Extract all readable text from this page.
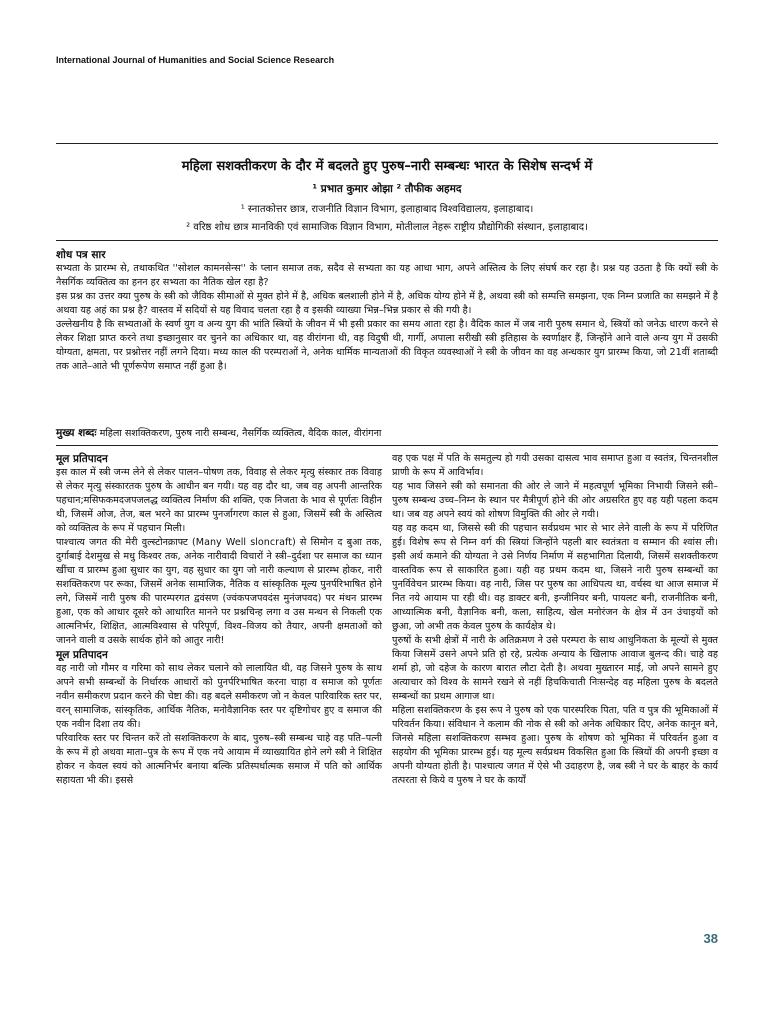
International Journal of Humanities and Social Science Research
महिला सशक्तीकरण के दौर में बदलते हुए पुरुष–नारी सम्बन्धः भारत के सिशेष सन्दर्भ में
¹ प्रभात कुमार ओझा ² तौफीक अहमद
¹ स्नातकोत्तर छात्र, राजनीति विज्ञान विभाग, इलाहाबाद विश्वविद्यालय, इलाहाबाद।
² वरिष्ठ शोध छात्र मानविकी एवं सामाजिक विज्ञान विभाग, मोतीलाल नेहरू राष्ट्रीय प्रौद्योगिकी संस्थान, इलाहाबाद।
शोध पत्र सार

सभ्यता के प्रारम्भ से, तथाकथित ''सोशल कामनसेन्स'' के प्लान समाज तक, सदैव से सभ्यता का यह आधा भाग, अपने अस्तित्व के लिए संघर्ष कर रहा है। प्रश्न यह उठता है कि क्यों स्त्री के नैसर्गिक व्यक्तित्व का हनन हर सभ्यता का नैतिक खेल रहा है?

इस प्रश्न का उत्तर क्या पुरुष के स्त्री को जैविक सीमाओं से मुक्त होने में है, अधिक बलशाली होने में है, अधिक योग्य होने में है, अथवा स्त्री को सम्पत्ति समझना, एक निम्न प्रजाति का समझने में है अथवा यह अहं का प्रश्न है? वास्तव में सदियों से यह विवाद चलता रहा है व इसकी व्याख्या भिन्न–भिन्न प्रकार से की गयी है।

उल्लेखनीय है कि सभ्यताओं के स्वर्ण युग व अन्य युग की भांति स्त्रियों के जीवन में भी इसी प्रकार का समय आता रहा है। वैदिक काल में जब नारी पुरुष समान थे, स्त्रियों को जनेऊ धारण करने से लेकर शिक्षा प्राप्त करने तथा इच्छानुसार वर चुनने का अधिकार था, वह वीरांगना थी, वह विदुषी थी, गार्गी, अपाला सरीखी स्त्री इतिहास के स्वर्णाक्षर हैं, जिन्होंने आने वाले अन्य युग में उसकी योग्यता, क्षमता, पर प्रश्नोत्तर नहीं लगने दिया। मध्य काल की परम्पराओं ने, अनेक धार्मिक मान्यताओं की विकृत व्यवस्थाओं ने स्त्री के जीवन का वह अन्धकार युग प्रारम्भ किया, जो 21वीं शताब्दी तक आते–आते भी पूर्णरूपेण समाप्त नहीं हुआ है।

मुख्य शब्दः महिला सशक्तिकरण, पुरुष नारी सम्बन्ध, नैसर्गिक व्यक्तित्व, वैदिक काल, वीरांगना
मूल प्रतिपादन

इस काल में स्त्री जन्म लेने से लेकर पालन–पोषण तक, विवाह से लेकर मृत्यु संस्कार तक विवाह से लेकर मृत्यु संस्कारतक पुरुष के आधीन बन गयी। यह वह दौर था, जब वह अपनी आन्तरिक पहचान;मसिफकमदजपजलद्ध व्यक्तित्व निर्माण की शक्ति, एक निजता के भाव से पूर्णतः विहीन थी, जिसमें ओज, तेज, बल भरने का प्रारम्भ पुनर्जागरण काल से हुआ, जिसमें स्त्री के अस्तित्व को व्यक्तित्व के रूप में पहचान मिली।

पाश्चात्य जगत की मेरी वुल्स्टोनक्राफ्ट (Many Well sloncraft) से सिमोन द बुआ तक, दुर्गाबाई देशमुख से मधु किश्वर तक, अनेक नारीवादी विचारों ने स्त्री–दुर्दशा पर समाज का ध्यान खींचा व प्रारम्भ हुआ सुधार का युग, वह सुधार का युग जो नारी कल्याण से प्रारम्भ होकर, नारी सशक्तिकरण पर रूका, जिसमें अनेक सामाजिक, नैतिक व सांस्कृतिक मूल्य पुनर्परिभाषित होने लगे, जिसमें नारी पुरुष की पारम्परगत द्ववंसण (ज्वंकपजपवदंस मुनंजपवद) पर मंथन प्रारम्भ हुआ, एक को आधार दूसरे को आधारित मानने पर प्रश्नचिन्ह लगा व उस मन्थन से निकली एक आत्मनिर्भर, शिक्षित, आत्मविश्वास से परिपूर्ण, विश्व–विजय को तैयार, अपनी क्षमताओं को जानने वाली व उसके सार्थक होने को आतुर नारी!

मूल प्रतिपादन

वह नारी जो गौमर व गरिमा को साथ लेकर चलाने को लालायित थी, वह जिसने पुरुष के साथ अपने सभी सम्बन्धों के निर्धारक आधारों को पुनर्परिभाषित करना चाहा व समाज को पूर्णतः नवीन समीकरण प्रदान करने की चेष्टा की। वह बदले समीकरण जो न केवल पारिवारिक स्तर पर, वरन् सामाजिक, सांस्कृतिक, आर्थिक नैतिक, मनोवैज्ञानिक स्तर पर दृष्टिगोचर हुए व समाज की एक नवीन दिशा तय की।

परिवारिक स्तर पर चिन्तन करें तो सशक्तिकरण के बाद, पुरुष–स्त्री सम्बन्ध चाहे वह पति–पत्नी के रूप में हो अथवा माता–पुत्र के रूप में एक नये आयाम में व्याख्यायित होने लगे स्त्री ने शिक्षित होकर न केवल स्वयं को आत्मनिर्भर बनाया बल्कि प्रतिस्पर्धात्मक समाज में पति को आर्थिक सहायता भी की। इससे

वह एक पक्ष में पति के समतुल्य हो गयी उसका दासत्व भाव समाप्त हुआ व स्वतंत्र, चिन्तनशील प्राणी के रूप में आविर्भाव।

यह भाव जिसने स्त्री को समानता की ओर ले जाने में महत्वपूर्ण भूमिका निभायी जिसने स्त्री–पुरुष सम्बन्ध उच्च–निम्न के स्थान पर मैत्रीपूर्ण होने की ओर अग्रसरित हुए वह यही पहला कदम था। जब वह अपने स्वयं को शोषण विमुक्ति की ओर ले गयी।

यह वह कदम था, जिससे स्त्री की पहचान सर्वप्रथम भार से भार लेने वाली के रूप में परिणित हुई। विशेष रूप से निम्न वर्ग की स्त्रियां जिन्होंने पहली बार स्वतंत्रता व सम्मान की श्वांस ली। इसी अर्थ कमाने की योग्यता ने उसे निर्णय निर्माण में सहभागिता दिलायी, जिसमें सशक्तीकरण वास्तविक रूप से साकारित हुआ। यही वह प्रथम कदम था, जिसने नारी पुरुष सम्बन्धों का पुनर्विवेचन प्रारम्भ किया। वह नारी, जिस पर पुरुष का आधिपत्य था, वर्चस्व था आज समाज में नित नये आयाम पा रही थी। वह डाक्टर बनी, इन्जीनियर बनी, पायलट बनी, राजनीतिक बनी, आध्यात्मिक बनी, वैज्ञानिक बनी, कला, साहित्य, खेल मनोरंजन के क्षेत्र में उन उंचाइयों को छुआ, जो अभी तक केवल पुरुष के कार्यक्षेत्र थे।

पुरुषों के सभी क्षेत्रों में नारी के अतिक्रमण ने उसे परम्परा के साथ आधुनिकता के मूल्यों से मुक्त किया जिसमें उसने अपने प्रति हो रहे, प्रत्येक अन्याय के खिलाफ आवाज बुलन्द की। चाहे वह शर्मा हो, जो दहेज के कारण बारात लौटा देती है। अथवा मुख्तारन माई, जो अपने सामने हुए अत्याचार को विश्व के सामने रखने से नहीं हिचकिचाती निःसन्देह वह महिला पुरुष के बदलते सम्बन्धों का प्रथम आगाज था।

महिला सशक्तिकरण के इस रूप ने पुरुष को एक पारस्परिक पिता, पति व पुत्र की भूमिकाओं में परिवर्तन किया। संविधान ने कलाम की नोक से स्त्री को अनेक अधिकार दिए, अनेक कानून बने, जिनसे महिला सशक्तिकरण सम्भव हुआ। पुरुष के शोषण को भूमिका में परिवर्तन हुआ व सहयोग की भूमिका प्रारम्भ हुई। यह मूल्य सर्वप्रथम विकसित हुआ कि स्त्रियों की अपनी इच्छा व अपनी योग्यता होती है। पाश्चात्य जगत में ऐसे भी उदाहरण है, जब स्त्री ने घर के बाहर के कार्य तत्परता से किये व पुरुष ने घर के कार्यों

38
